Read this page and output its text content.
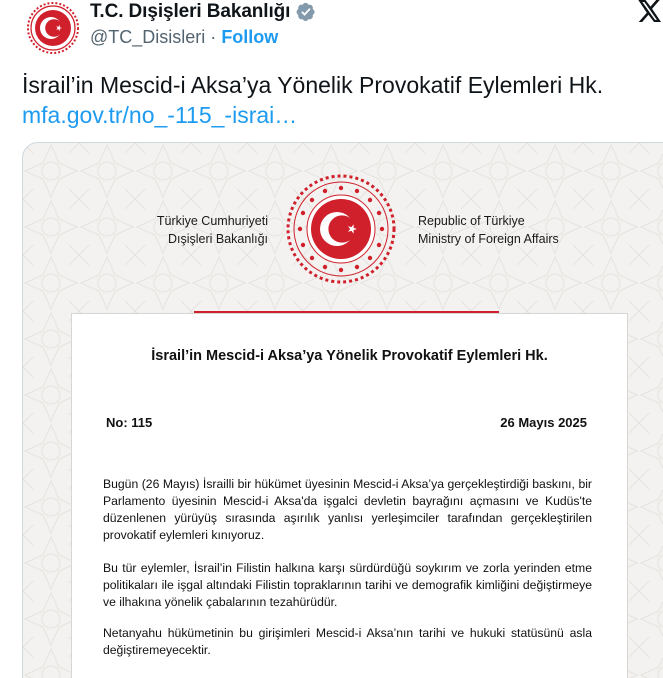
T.C. Dışişleri Bakanlığı
@TC_Disisleri · Follow
İsrail’in Mescid-i Aksa’ya Yönelik Provokatif Eylemleri Hk.
mfa.gov.tr/no_-115_-israi…
Türkiye Cumhuriyeti
Dışişleri Bakanlığı
Republic of Türkiye
Ministry of Foreign Affairs
İsrail’in Mescid-i Aksa’ya Yönelik Provokatif Eylemleri Hk.
No: 115	26 Mayıs 2025
Bugün (26 Mayıs) İsrailli bir hükümet üyesinin Mescid-i Aksa’ya gerçekleştirdiği baskını, bir Parlamento üyesinin Mescid-i Aksa'da işgalci devletin bayrağını açmasını ve Kudüs'te düzenlenen yürüyüş sırasında aşırılık yanlısı yerleşimciler tarafından gerçekleştirilen provokatif eylemleri kınıyoruz.
Bu tür eylemler, İsrail’in Filistin halkına karşı sürdürdüğü soykırım ve zorla yerinden etme politikaları ile işgal altındaki Filistin topraklarının tarihi ve demografik kimliğini değiştirmeye ve ilhakına yönelik çabalarının tezahürüdür.
Netanyahu hükümetinin bu girişimleri Mescid-i Aksa’nın tarihi ve hukuki statüsünü asla değiştiremeyecektir.
